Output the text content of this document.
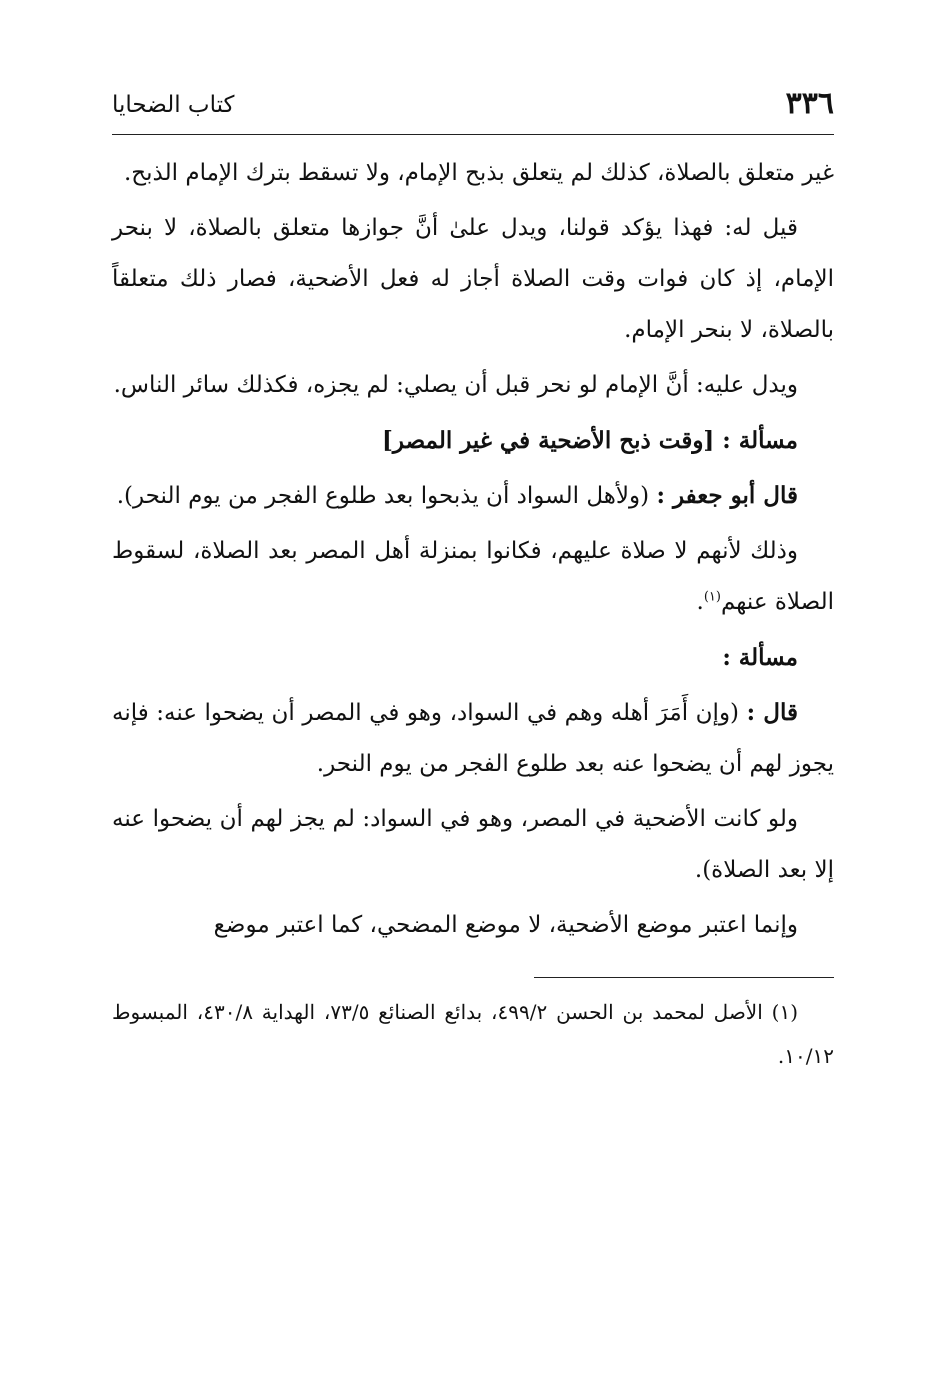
٣٣٦
كتاب الضحايا

غير متعلق بالصلاة، كذلك لم يتعلق بذبح الإمام، ولا تسقط بترك الإمام الذبح.

قيل له: فهذا يؤكد قولنا، ويدل علىٰ أنَّ جوازها متعلق بالصلاة، لا بنحر الإمام، إذ كان فوات وقت الصلاة أجاز له فعل الأضحية، فصار ذلك متعلقاً بالصلاة، لا بنحر الإمام.

ويدل عليه: أنَّ الإمام لو نحر قبل أن يصلي: لم يجزه، فكذلك سائر الناس.

مسألة : [وقت ذبح الأضحية في غير المصر]

قال أبو جعفر : (ولأهل السواد أن يذبحوا بعد طلوع الفجر من يوم النحر).

وذلك لأنهم لا صلاة عليهم، فكانوا بمنزلة أهل المصر بعد الصلاة، لسقوط الصلاة عنهم$^{(١)}$.

مسألة :

قال : (وإن أَمَرَ أهله وهم في السواد، وهو في المصر أن يضحوا عنه: فإنه يجوز لهم أن يضحوا عنه بعد طلوع الفجر من يوم النحر.

ولو كانت الأضحية في المصر، وهو في السواد: لم يجز لهم أن يضحوا عنه إلا بعد الصلاة).

وإنما اعتبر موضع الأضحية، لا موضع المضحي، كما اعتبر موضع

(١) الأصل لمحمد بن الحسن ٤٩٩/٢، بدائع الصنائع ٧٣/٥، الهداية ٤٣٠/٨، المبسوط ١٠/١٢.
